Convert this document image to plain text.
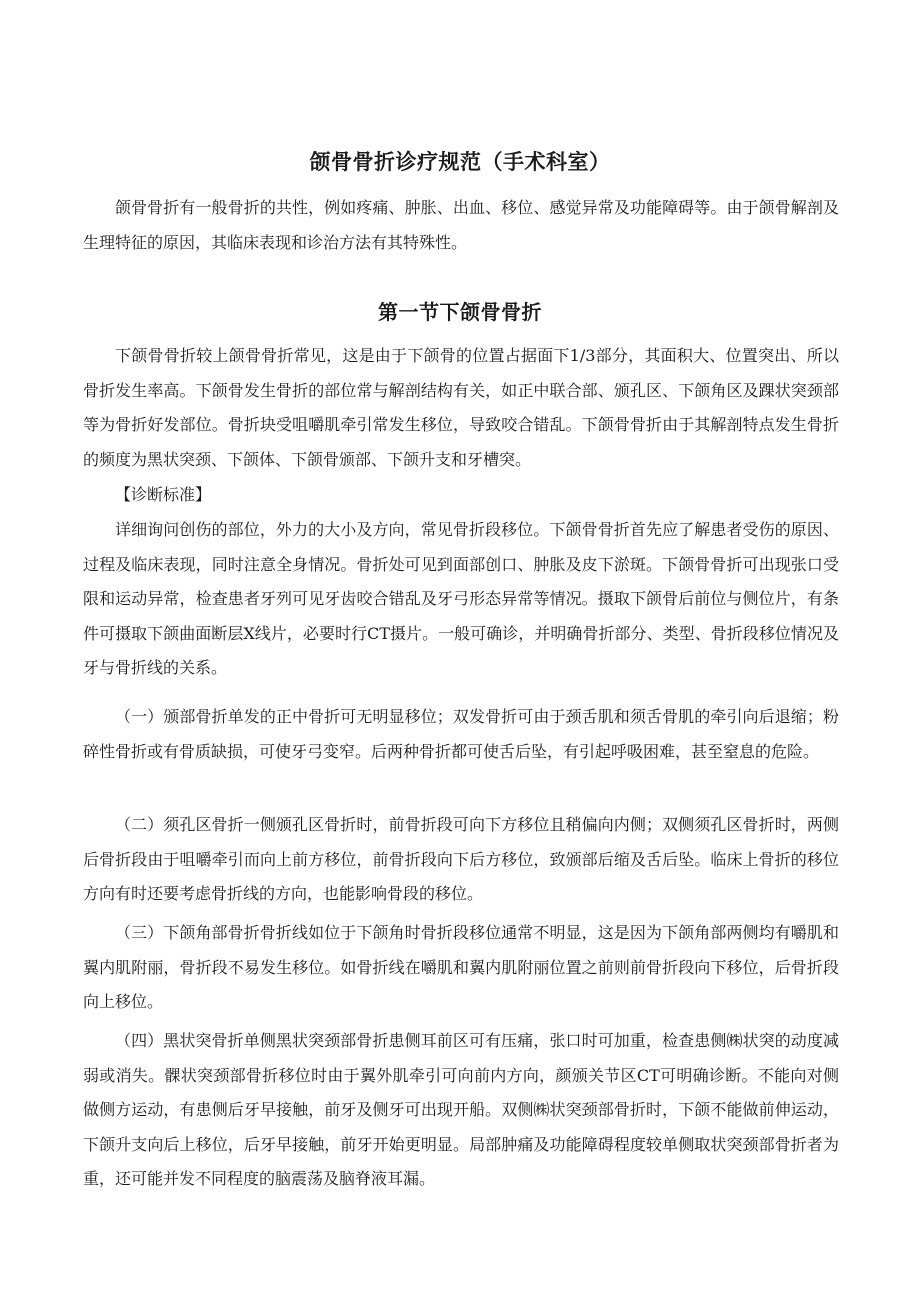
颌骨骨折诊疗规范（手术科室）

颌骨骨折有一般骨折的共性，例如疼痛、肿胀、出血、移位、感觉异常及功能障碍等。由于颌骨解剖及生理特征的原因，其临床表现和诊治方法有其特殊性。

第一节下颌骨骨折

下颌骨骨折较上颌骨骨折常见，这是由于下颌骨的位置占据面下1/3部分，其面积大、位置突出、所以骨折发生率高。下颌骨发生骨折的部位常与解剖结构有关，如正中联合部、颁孔区、下颌角区及踝状突颈部等为骨折好发部位。骨折块受咀嚼肌牵引常发生移位，导致咬合错乱。下颌骨骨折由于其解剖特点发生骨折的频度为黑状突颈、下颌体、下颌骨颁部、下颌升支和牙槽突。

【诊断标准】

详细询问创伤的部位，外力的大小及方向，常见骨折段移位。下颌骨骨折首先应了解患者受伤的原因、过程及临床表现，同时注意全身情况。骨折处可见到面部创口、肿胀及皮下淤斑。下颌骨骨折可出现张口受限和运动异常，检查患者牙列可见牙齿咬合错乱及牙弓形态异常等情况。摄取下颌骨后前位与侧位片，有条件可摄取下颌曲面断层X线片，必要时行CT摄片。一般可确诊，并明确骨折部分、类型、骨折段移位情况及牙与骨折线的关系。

（一）颁部骨折单发的正中骨折可无明显移位；双发骨折可由于颈舌肌和须舌骨肌的牵引向后退缩；粉碎性骨折或有骨质缺损，可使牙弓变窄。后两种骨折都可使舌后坠，有引起呼吸困难，甚至窒息的危险。

（二）须孔区骨折一侧颁孔区骨折时，前骨折段可向下方移位且稍偏向内侧；双侧须孔区骨折时，两侧后骨折段由于咀嚼牵引而向上前方移位，前骨折段向下后方移位，致颁部后缩及舌后坠。临床上骨折的移位方向有时还要考虑骨折线的方向，也能影响骨段的移位。

（三）下颌角部骨折骨折线如位于下颌角时骨折段移位通常不明显，这是因为下颌角部两侧均有嚼肌和翼内肌附丽，骨折段不易发生移位。如骨折线在嚼肌和翼内肌附丽位置之前则前骨折段向下移位，后骨折段向上移位。

（四）黑状突骨折单侧黑状突颈部骨折患侧耳前区可有压痛，张口时可加重，检查患侧㈱状突的动度减弱或消失。髁状突颈部骨折移位时由于翼外肌牵引可向前内方向，颜颁关节区CT可明确诊断。不能向对侧做侧方运动，有患侧后牙早接触，前牙及侧牙可出现开船。双侧㈱状突颈部骨折时，下颌不能做前伸运动，下颌升支向后上移位，后牙早接触，前牙开始更明显。局部肿痛及功能障碍程度较单侧取状突颈部骨折者为重，还可能并发不同程度的脑震荡及脑脊液耳漏。
